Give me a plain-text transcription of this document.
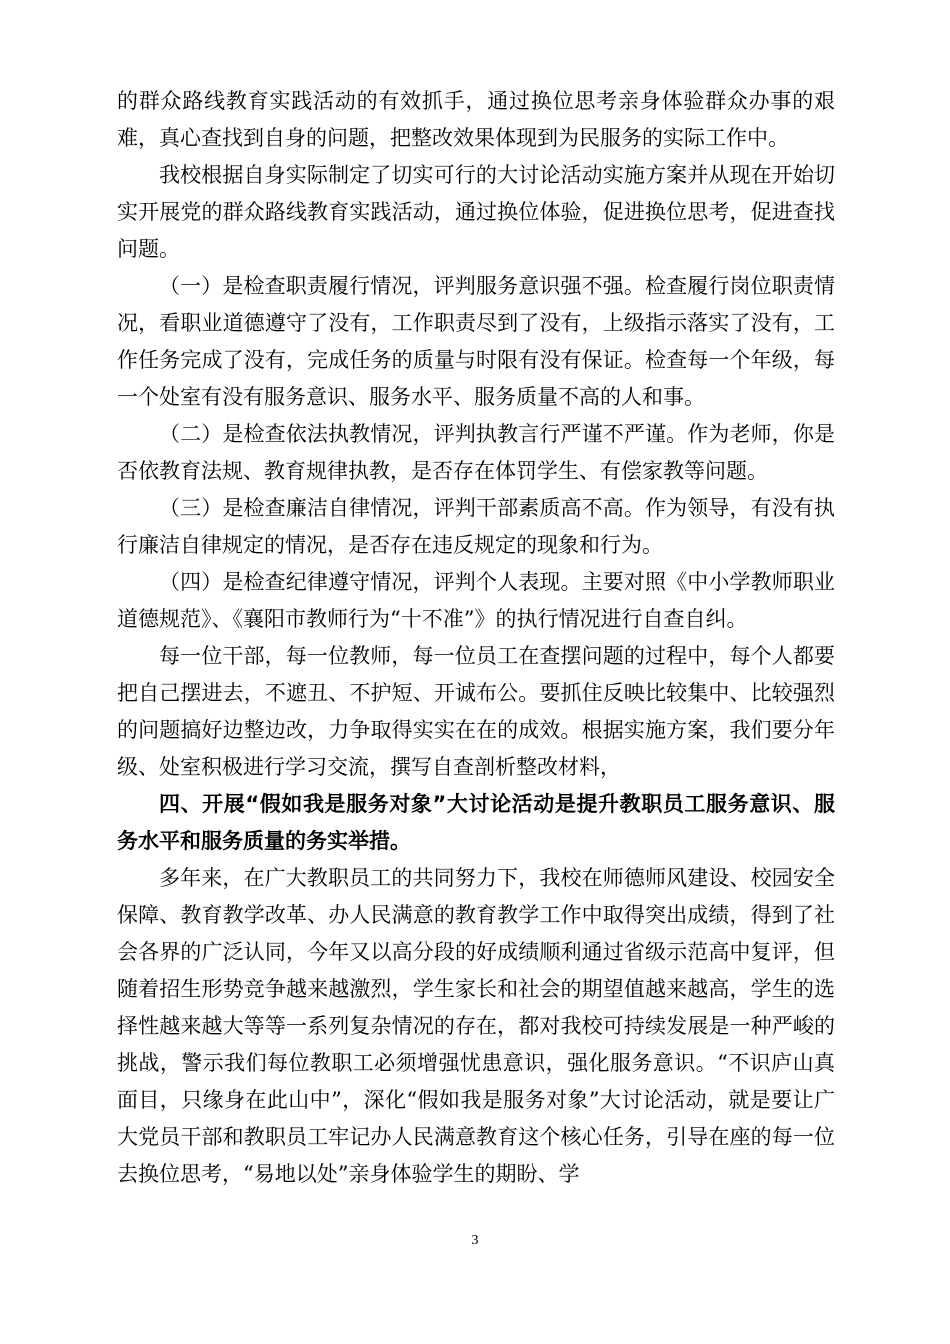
的群众路线教育实践活动的有效抓手，通过换位思考亲身体验群众办事的艰难，真心查找到自身的问题，把整改效果体现到为民服务的实际工作中。

我校根据自身实际制定了切实可行的大讨论活动实施方案并从现在开始切实开展党的群众路线教育实践活动，通过换位体验，促进换位思考，促进查找问题。

（一）是检查职责履行情况，评判服务意识强不强。检查履行岗位职责情况，看职业道德遵守了没有，工作职责尽到了没有，上级指示落实了没有，工作任务完成了没有，完成任务的质量与时限有没有保证。检查每一个年级，每一个处室有没有服务意识、服务水平、服务质量不高的人和事。

（二）是检查依法执教情况，评判执教言行严谨不严谨。作为老师，你是否依教育法规、教育规律执教，是否存在体罚学生、有偿家教等问题。

（三）是检查廉洁自律情况，评判干部素质高不高。作为领导，有没有执行廉洁自律规定的情况，是否存在违反规定的现象和行为。

（四）是检查纪律遵守情况，评判个人表现。主要对照《中小学教师职业道德规范》、《襄阳市教师行为“十不准”》的执行情况进行自查自纠。

每一位干部，每一位教师，每一位员工在查摆问题的过程中，每个人都要把自己摆进去，不遮丑、不护短、开诚布公。要抓住反映比较集中、比较强烈的问题搞好边整边改，力争取得实实在在的成效。根据实施方案，我们要分年级、处室积极进行学习交流，撰写自查剖析整改材料，

四、开展“假如我是服务对象”大讨论活动是提升教职员工服务意识、服务水平和服务质量的务实举措。

多年来，在广大教职员工的共同努力下，我校在师德师风建设、校园安全保障、教育教学改革、办人民满意的教育教学工作中取得突出成绩，得到了社会各界的广泛认同，今年又以高分段的好成绩顺利通过省级示范高中复评，但随着招生形势竞争越来越激烈，学生家长和社会的期望值越来越高，学生的选择性越来越大等等一系列复杂情况的存在，都对我校可持续发展是一种严峻的挑战，警示我们每位教职工必须增强忧患意识，强化服务意识。“不识庐山真面目，只缘身在此山中”，深化“假如我是服务对象”大讨论活动，就是要让广大党员干部和教职员工牢记办人民满意教育这个核心任务，引导在座的每一位去换位思考，“易地以处”亲身体验学生的期盼、学

3
